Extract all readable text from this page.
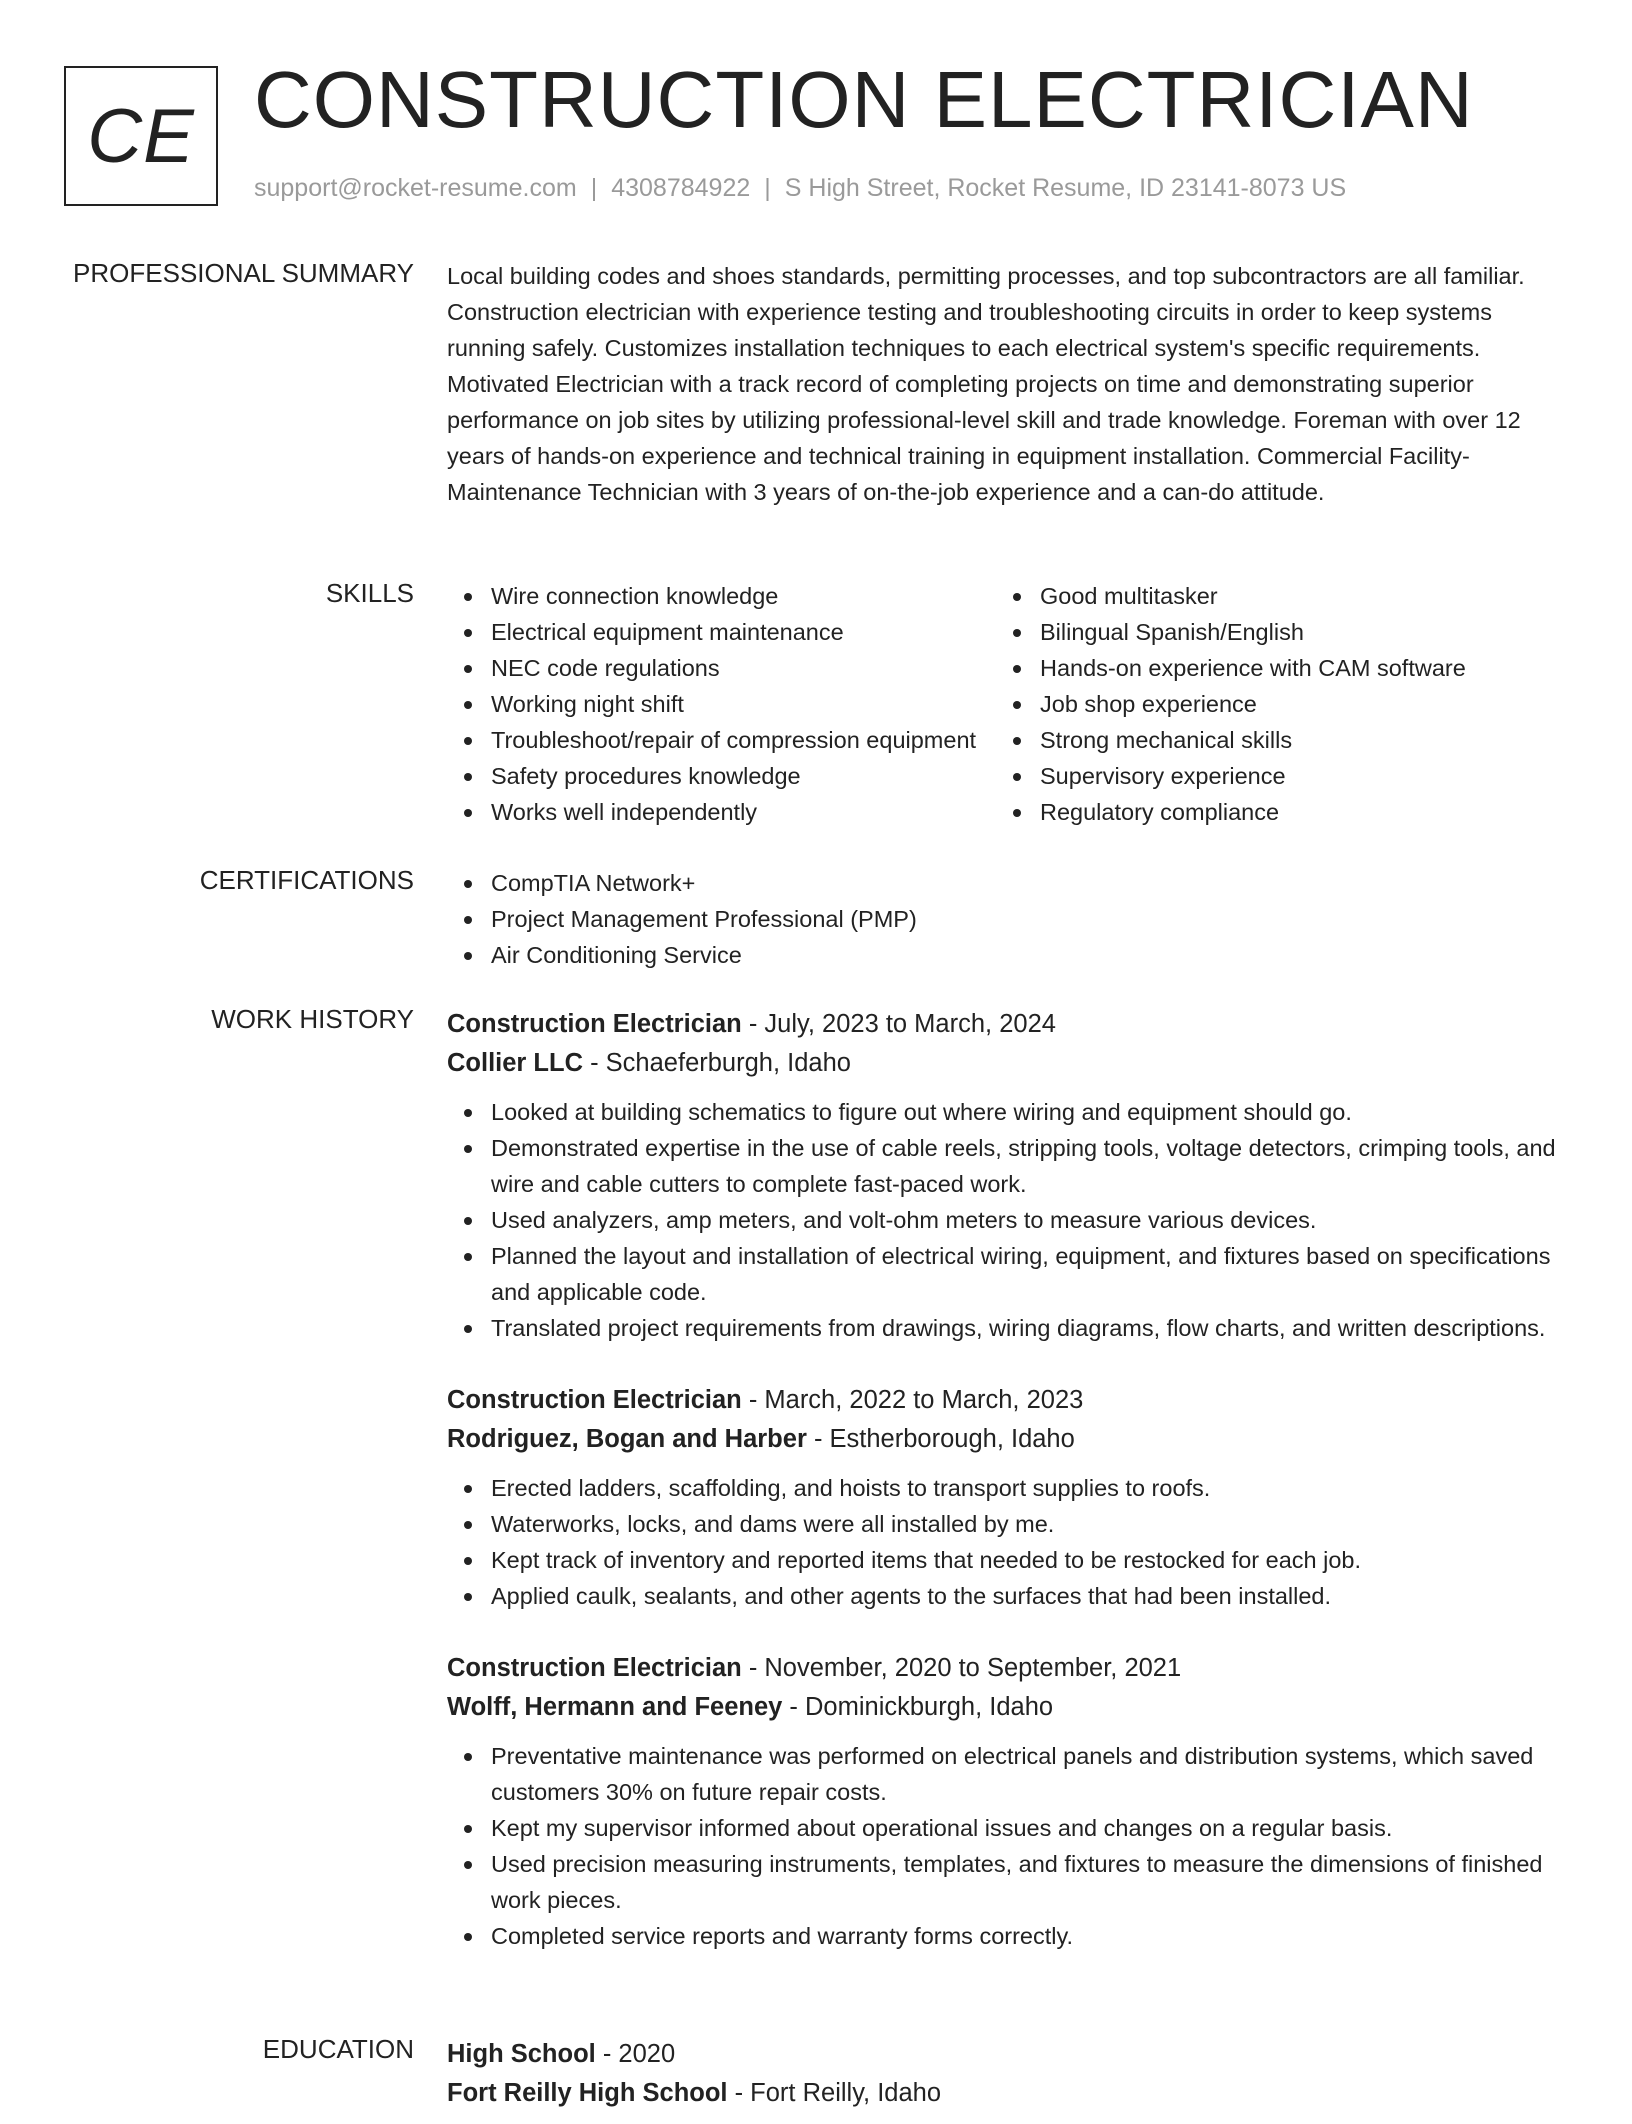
CE CONSTRUCTION ELECTRICIAN
support@rocket-resume.com | 4308784922 | S High Street, Rocket Resume, ID 23141-8073 US
PROFESSIONAL SUMMARY Local building codes and shoes standards, permitting processes, and top subcontractors are all familiar. Construction electrician with experience testing and troubleshooting circuits in order to keep systems running safely. Customizes installation techniques to each electrical system's specific requirements. Motivated Electrician with a track record of completing projects on time and demonstrating superior performance on job sites by utilizing professional-level skill and trade knowledge. Foreman with over 12 years of hands-on experience and technical training in equipment installation. Commercial Facility-Maintenance Technician with 3 years of on-the-job experience and a can-do attitude.
SKILLS	Wire connection knowledge
Electrical equipment maintenance
NEC code regulations
Working night shift
Troubleshoot/repair of compression equipment
Safety procedures knowledge
Works well independently
Good multitasker
Bilingual Spanish/English
Hands-on experience with CAM software
Job shop experience
Strong mechanical skills
Supervisory experience
Regulatory compliance
CERTIFICATIONS	CompTIA Network+
Project Management Professional (PMP)
Air Conditioning Service
WORK HISTORY Construction Electrician - July, 2023 to March, 2024
Collier LLC - Schaeferburgh, Idaho
Looked at building schematics to figure out where wiring and equipment should go.
Demonstrated expertise in the use of cable reels, stripping tools, voltage detectors, crimping tools, and wire and cable cutters to complete fast-paced work.
Used analyzers, amp meters, and volt-ohm meters to measure various devices.
Planned the layout and installation of electrical wiring, equipment, and fixtures based on specifications and applicable code.
Translated project requirements from drawings, wiring diagrams, flow charts, and written descriptions.
Construction Electrician - March, 2022 to March, 2023
Rodriguez, Bogan and Harber - Estherborough, Idaho
Erected ladders, scaffolding, and hoists to transport supplies to roofs.
Waterworks, locks, and dams were all installed by me.
Kept track of inventory and reported items that needed to be restocked for each job.
Applied caulk, sealants, and other agents to the surfaces that had been installed.
Construction Electrician - November, 2020 to September, 2021
Wolff, Hermann and Feeney - Dominickburgh, Idaho
Preventative maintenance was performed on electrical panels and distribution systems, which saved customers 30% on future repair costs.
Kept my supervisor informed about operational issues and changes on a regular basis.
Used precision measuring instruments, templates, and fixtures to measure the dimensions of finished work pieces.
Completed service reports and warranty forms correctly.
EDUCATION High School - 2020
Fort Reilly High School - Fort Reilly, Idaho
